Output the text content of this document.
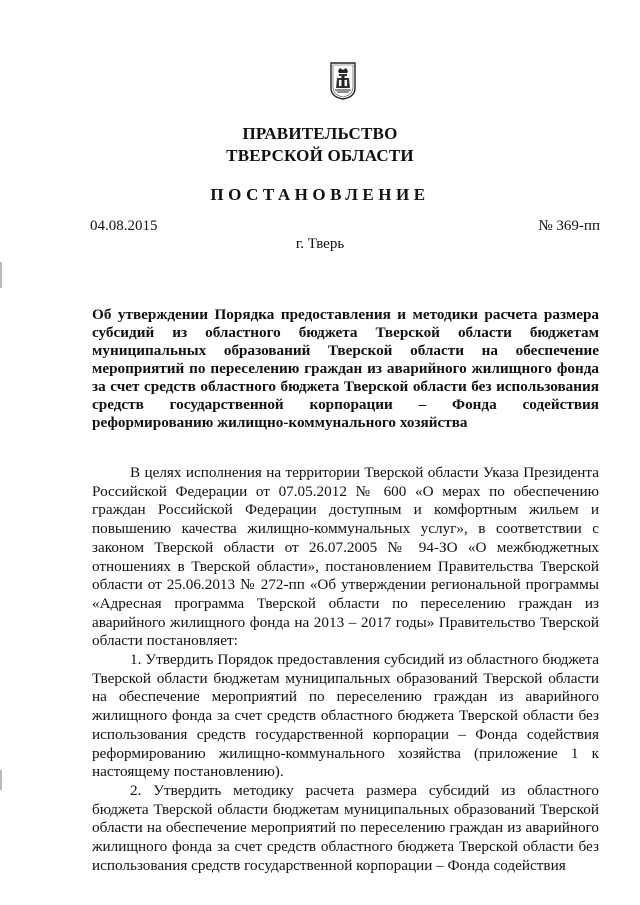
ПРАВИТЕЛЬСТВО
ТВЕРСКОЙ ОБЛАСТИ
ПОСТАНОВЛЕНИЕ
04.08.2015	№ 369-пп
г. Тверь
Об утверждении Порядка предоставления и методики расчета размера субсидий из областного бюджета Тверской области бюджетам муниципальных образований Тверской области на обеспечение мероприятий по переселению граждан из аварийного жилищного фонда за счет средств областного бюджета Тверской области без использования средств государственной корпорации – Фонда содействия реформированию жилищно-коммунального хозяйства

В целях исполнения на территории Тверской области Указа Президента Российской Федерации от 07.05.2012 № 600 «О мерах по обеспечению граждан Российской Федерации доступным и комфортным жильем и повышению качества жилищно-коммунальных услуг», в соответствии с законом Тверской области от 26.07.2005 № 94-ЗО «О межбюджетных отношениях в Тверской области», постановлением Правительства Тверской области от 25.06.2013 № 272-пп «Об утверждении региональной программы «Адресная программа Тверской области по переселению граждан из аварийного жилищного фонда на 2013 – 2017 годы» Правительство Тверской области постановляет:

1. Утвердить Порядок предоставления субсидий из областного бюджета Тверской области бюджетам муниципальных образований Тверской области на обеспечение мероприятий по переселению граждан из аварийного жилищного фонда за счет средств областного бюджета Тверской области без использования средств государственной корпорации – Фонда содействия реформированию жилищно-коммунального хозяйства (приложение 1 к настоящему постановлению).

2. Утвердить методику расчета размера субсидий из областного бюджета Тверской области бюджетам муниципальных образований Тверской области на обеспечение мероприятий по переселению граждан из аварийного жилищного фонда за счет средств областного бюджета Тверской области без использования средств государственной корпорации – Фонда содействия
